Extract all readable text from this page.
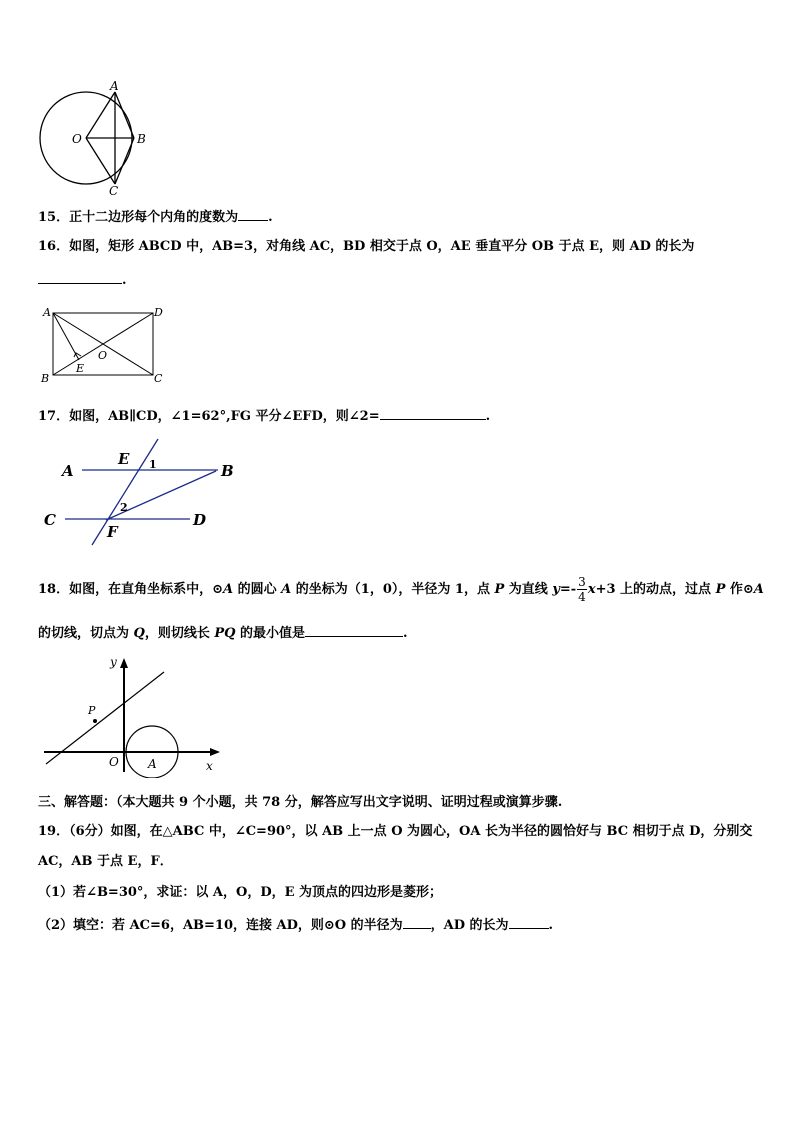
A
O	B
C
15．正十二边形每个内角的度数为 .
16．如图，矩形 ABCD 中，AB=3，对角线 AC，BD 相交于点 O，AE 垂直平分 OB 于点 E，则 AD 的长为
.
A	D
O
E
B	C
17．如图，AB∥CD，∠1=62°,FG 平分∠EFD，则∠2=	.
A
E 1	B
2
C
F
D
18．如图，在直角坐标系中，⊙A 的圆心 A 的坐标为（1，0），半径为 1，点 P 为直线 $y=- \frac{3}{4} x+3$ 上的动点，过点 P 作⊙A
的切线，切点为 Q，则切线长 PQ 的最小值是	.
y
P
O A	x
三、解答题：（本大题共 9 个小题，共 78 分，解答应写出文字说明、证明过程或演算步骤.
19．（6分）如图，在△ABC 中，∠C=90°，以 AB 上一点 O 为圆心，OA 长为半径的圆恰好与 BC 相切于点 D，分别交
AC，AB 于点 E，F．
（1）若∠B=30°，求证：以 A，O，D，E 为顶点的四边形是菱形；
（2）填空：若 AC=6，AB=10，连接 AD，则⊙O 的半径为 ，AD 的长为	.
